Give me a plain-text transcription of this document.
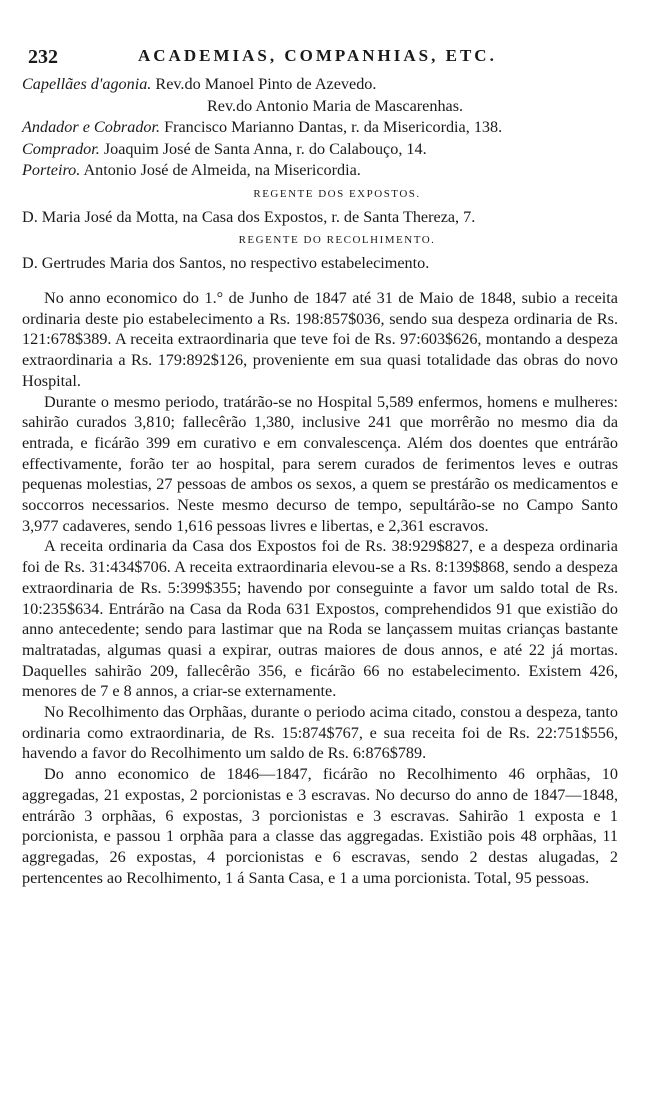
232	ACADEMIAS, COMPANHIAS, ETC.
Capellães d'agonia. Rev.do Manoel Pinto de Azevedo.
Rev.do Antonio Maria de Mascarenhas.
Andador e Cobrador. Francisco Marianno Dantas, r. da Misericordia, 138.
Comprador. Joaquim José de Santa Anna, r. do Calabouço, 14.
Porteiro. Antonio José de Almeida, na Misericordia.
REGENTE DOS EXPOSTOS.
D. Maria José da Motta, na Casa dos Expostos, r. de Santa Thereza, 7.
REGENTE DO RECOLHIMENTO.
D. Gertrudes Maria dos Santos, no respectivo estabelecimento.

No anno economico do 1.° de Junho de 1847 até 31 de Maio de 1848, subio a receita ordinaria deste pio estabelecimento a Rs. 198:857$036, sendo sua despeza ordinaria de Rs. 121:678$389. A receita extraordinaria que teve foi de Rs. 97:603$626, montando a despeza extraordinaria a Rs. 179:892$126, proveniente em sua quasi totalidade das obras do novo Hospital.

Durante o mesmo periodo, tratárão-se no Hospital 5,589 enfermos, homens e mulheres: sahirão curados 3,810; fallecêrão 1,380, inclusive 241 que morrêrão no mesmo dia da entrada, e ficárão 399 em curativo e em convalescença. Além dos doentes que entrárão effectivamente, forão ter ao hospital, para serem curados de ferimentos leves e outras pequenas molestias, 27 pessoas de ambos os sexos, a quem se prestárão os medicamentos e soccorros necessarios. Neste mesmo decurso de tempo, sepultárão-se no Campo Santo 3,977 cadaveres, sendo 1,616 pessoas livres e libertas, e 2,361 escravos.

A receita ordinaria da Casa dos Expostos foi de Rs. 38:929$827, e a despeza ordinaria foi de Rs. 31:434$706. A receita extraordinaria elevou-se a Rs. 8:139$868, sendo a despeza extraordinaria de Rs. 5:399$355; havendo por conseguinte a favor um saldo total de Rs. 10:235$634. Entrárão na Casa da Roda 631 Expostos, comprehendidos 91 que existião do anno antecedente; sendo para lastimar que na Roda se lançassem muitas crianças bastante maltratadas, algumas quasi a expirar, outras maiores de dous annos, e até 22 já mortas. Daquelles sahirão 209, fallecêrão 356, e ficárão 66 no estabelecimento. Existem 426, menores de 7 e 8 annos, a criar-se externamente.

No Recolhimento das Orphãas, durante o periodo acima citado, constou a despeza, tanto ordinaria como extraordinaria, de Rs. 15:874$767, e sua receita foi de Rs. 22:751$556, havendo a favor do Recolhimento um saldo de Rs. 6:876$789.

Do anno economico de 1846—1847, ficárão no Recolhimento 46 orphãas, 10 aggregadas, 21 expostas, 2 porcionistas e 3 escravas. No decurso do anno de 1847—1848, entrárão 3 orphãas, 6 expostas, 3 porcionistas e 3 escravas. Sahirão 1 exposta e 1 porcionista, e passou 1 orphãa para a classe das aggregadas. Existião pois 48 orphãas, 11 aggregadas, 26 expostas, 4 porcionistas e 6 escravas, sendo 2 destas alugadas, 2 pertencentes ao Recolhimento, 1 á Santa Casa, e 1 a uma porcionista. Total, 95 pessoas.
